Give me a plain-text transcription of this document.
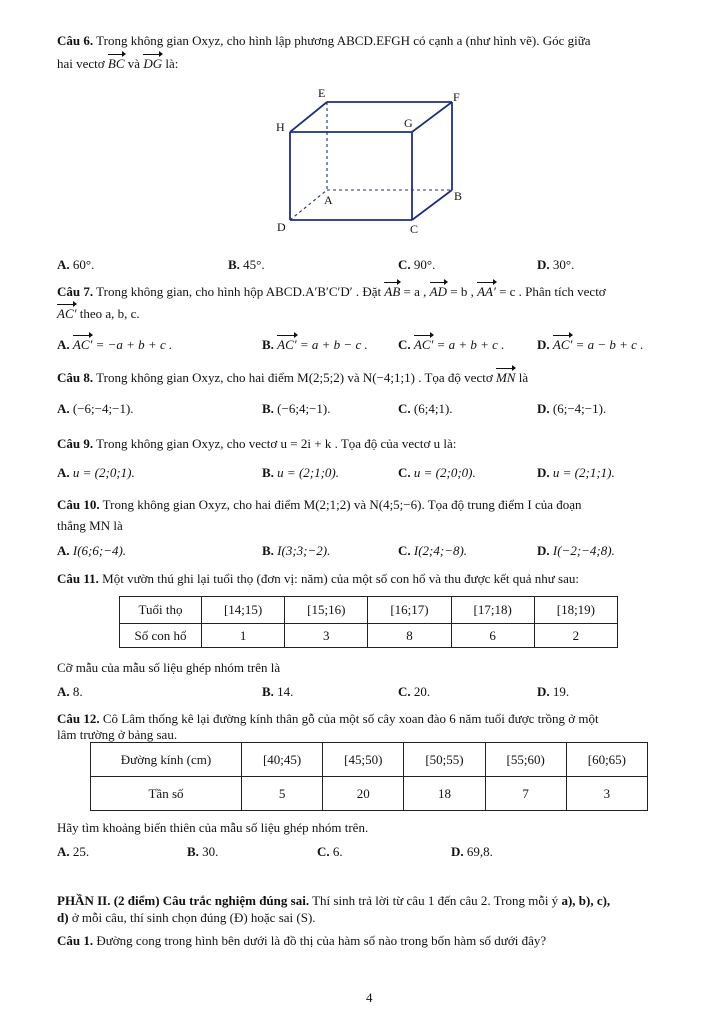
Câu 6. Trong không gian Oxyz, cho hình lập phương ABCD.EFGH có cạnh a (như hình vẽ). Góc giữa
hai vectơ BC và DG là:
E	F
H	G
A	B
D	C
A. 60°.	B. 45°.	C. 90°.	D. 30°.
Câu 7. Trong không gian, cho hình hộp ABCD.A′B′C′D′ . Đặt AB = a , AD = b , AA′ = c . Phân tích vectơ
AC′ theo a, b, c.
A. AC′ = −a + b + c .	B. AC′ = a + b − c . C. AC′ = a + b + c .	D. AC′ = a − b + c .
Câu 8. Trong không gian Oxyz, cho hai điểm M(2;5;2) và N(−4;1;1) . Tọa độ vectơ MN là
A. (−6;−4;−1).	B. (−6;4;−1).	C. (6;4;1).	D. (6;−4;−1).
Câu 9. Trong không gian Oxyz, cho vectơ u = 2i + k . Tọa độ của vectơ u là:
A. u = (2;0;1).	B. u = (2;1;0).	C. u = (2;0;0).	D. u = (2;1;1).
Câu 10. Trong không gian Oxyz, cho hai điểm M(2;1;2) và N(4;5;−6). Tọa độ trung điểm I của đoạn
thẳng MN là
A. I(6;6;−4).	B. I(3;3;−2).	C. I(2;4;−8).	D. I(−2;−4;8).
Câu 11. Một vườn thú ghi lại tuổi thọ (đơn vị: năm) của một số con hổ và thu được kết quả như sau:
Tuổi thọ	[14;15)	[15;16)	[16;17)	[17;18)	[18;19)
Số con hổ	1	3	8	6	2
Cỡ mẫu của mẫu số liệu ghép nhóm trên là
A. 8.	B. 14.	C. 20.	D. 19.
Câu 12. Cô Lâm thống kê lại đường kính thân gỗ của một số cây xoan đào 6 năm tuổi được trồng ở một
lâm trường ở bảng sau.
Đường kính (cm)	[40;45)	[45;50)	[50;55)	[55;60)	[60;65)
Tần số	5	20	18	7	3
Hãy tìm khoảng biến thiên của mẫu số liệu ghép nhóm trên.
A. 25.	B. 30.	C. 6.	D. 69,8.
PHẦN II. (2 điểm) Câu trắc nghiệm đúng sai. Thí sinh trả lời từ câu 1 đến câu 2. Trong mỗi ý a), b), c),
d) ở mỗi câu, thí sinh chọn đúng (Đ) hoặc sai (S).
Câu 1. Đường cong trong hình bên dưới là đồ thị của hàm số nào trong bốn hàm số dưới đây?
4
